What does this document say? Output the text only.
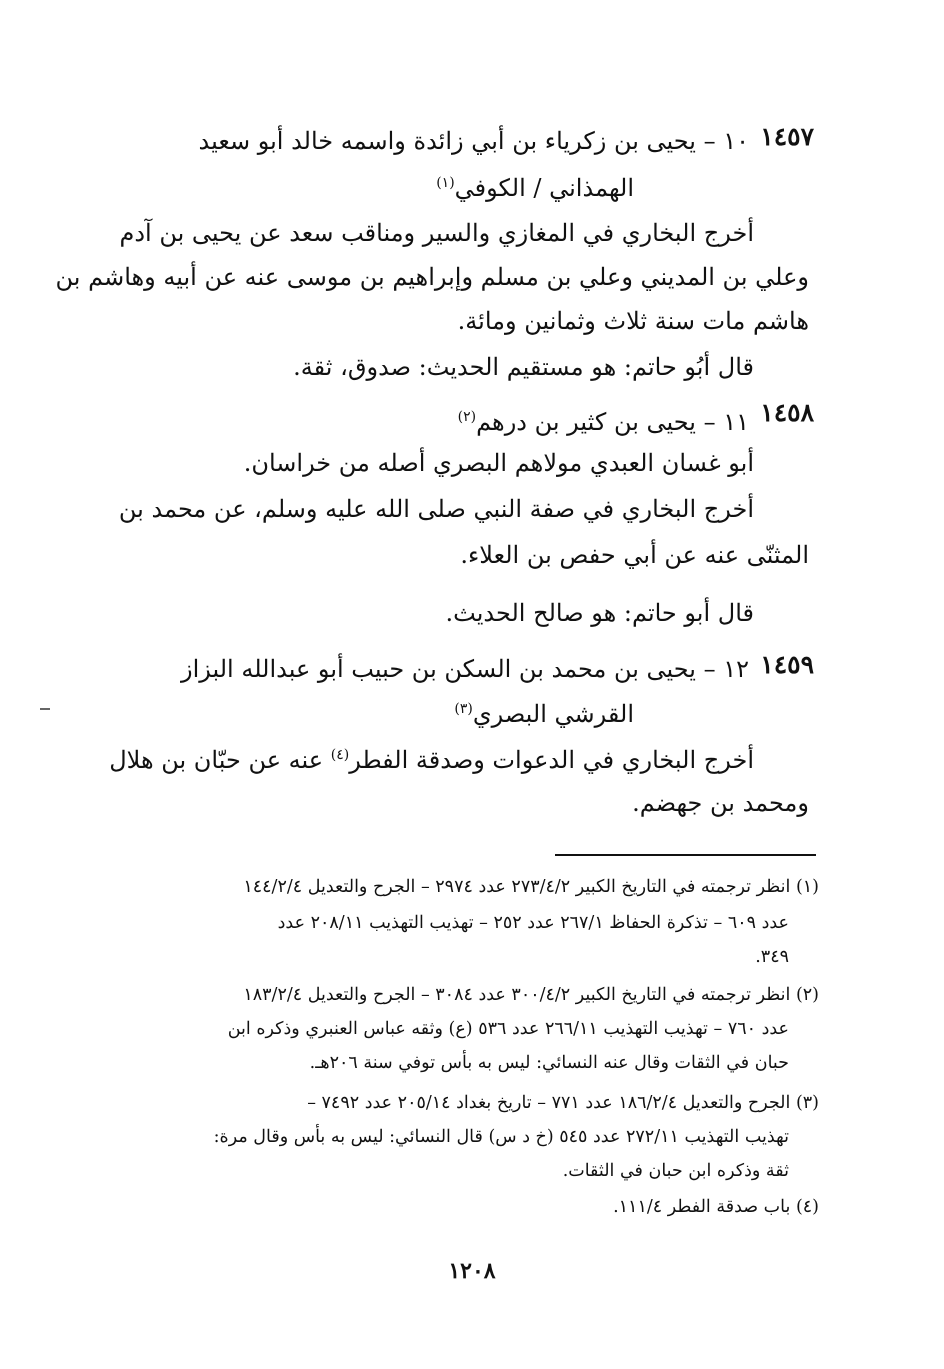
١٤٥٧
١٠ – يحيى بن زكرياء بن أبي زائدة واسمه خالد أبو سعيد
الهمذاني / الكوفي$^{(١)}$
أخرج البخاري في المغازي والسير ومناقب سعد عن يحيى بن آدم
وعلي بن المديني وعلي بن مسلم وإبراهيم بن موسى عنه عن أبيه وهاشم بن
هاشم مات سنة ثلاث وثمانين ومائة.
قال أبُو حاتم: هو مستقيم الحديث: صدوق، ثقة.
١٤٥٨
١١ – يحيى بن كثير بن درهم$^{(٢)}$
أبو غسان العبدي مولاهم البصري أصله من خراسان.
أخرج البخاري في صفة النبي صلى الله عليه وسلم، عن محمد بن
المثنّى عنه عن أبي حفص بن العلاء.
قال أبو حاتم: هو صالح الحديث.
١٤٥٩
١٢ – يحيى بن محمد بن السكن بن حبيب أبو عبدالله البزاز
القرشي البصري$^{(٣)}$
أخرج البخاري في الدعوات وصدقة الفطر$^{(٤)}$ عنه عن حبّان بن هلال
ومحمد بن جهضم.
(١) انظر ترجمته في التاريخ الكبير ٢٧٣/٤/٢ عدد ٢٩٧٤ – الجرح والتعديل ١٤٤/٢/٤
عدد ٦٠٩ – تذكرة الحفاظ ٢٦٧/١ عدد ٢٥٢ – تهذيب التهذيب ٢٠٨/١١ عدد
٣٤٩.
(٢) انظر ترجمته في التاريخ الكبير ٣٠٠/٤/٢ عدد ٣٠٨٤ – الجرح والتعديل ١٨٣/٢/٤
عدد ٧٦٠ – تهذيب التهذيب ٢٦٦/١١ عدد ٥٣٦ (ع) وثقه عباس العنبري وذكره ابن
حبان في الثقات وقال عنه النسائي: ليس به بأس توفي سنة ٢٠٦هـ.
(٣) الجرح والتعديل ١٨٦/٢/٤ عدد ٧٧١ – تاريخ بغداد ٢٠٥/١٤ عدد ٧٤٩٢ –
تهذيب التهذيب ٢٧٢/١١ عدد ٥٤٥ (خ د س) قال النسائي: ليس به بأس وقال مرة:
ثقة وذكره ابن حبان في الثقات.
(٤) باب صدقة الفطر ١١١/٤.
١٢٠٨
